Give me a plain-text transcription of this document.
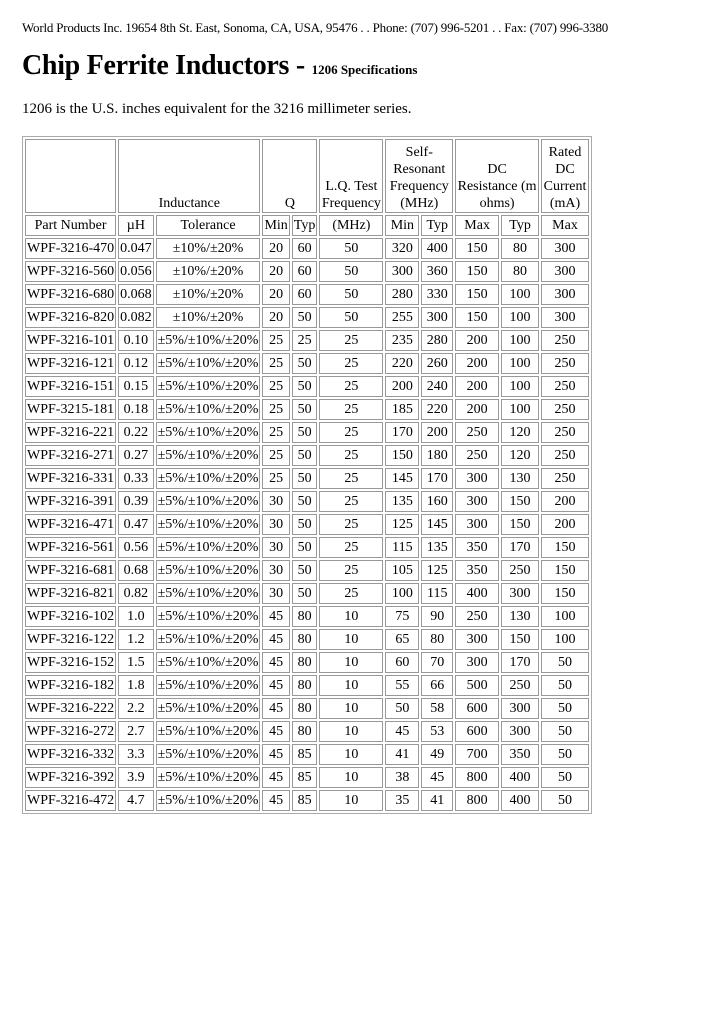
World Products Inc. 19654 8th St. East, Sonoma, CA, USA, 95476 . . Phone: (707) 996-5201 . . Fax: (707) 996-3380
Chip Ferrite Inductors - 1206 Specifications
1206 is the U.S. inches equivalent for the 3216 millimeter series.
	Inductance		Q		L.Q. Test Frequency	Self-Resonant Frequency (MHz)		DC Resistance (m ohms)		Rated DC Current (mA)
Part Number	µH	Tolerance	Min	Typ	(MHz)	Min	Typ	Max	Typ	Max
WPF-3216-470	0.047	±10%/±20%	20	60	50	320	400	150	80	300
WPF-3216-560	0.056	±10%/±20%	20	60	50	300	360	150	80	300
WPF-3216-680	0.068	±10%/±20%	20	60	50	280	330	150	100	300
WPF-3216-820	0.082	±10%/±20%	20	50	50	255	300	150	100	300
WPF-3216-101	0.10	±5%/±10%/±20%	25	25	25	235	280	200	100	250
WPF-3216-121	0.12	±5%/±10%/±20%	25	50	25	220	260	200	100	250
WPF-3216-151	0.15	±5%/±10%/±20%	25	50	25	200	240	200	100	250
WPF-3215-181	0.18	±5%/±10%/±20%	25	50	25	185	220	200	100	250
WPF-3216-221	0.22	±5%/±10%/±20%	25	50	25	170	200	250	120	250
WPF-3216-271	0.27	±5%/±10%/±20%	25	50	25	150	180	250	120	250
WPF-3216-331	0.33	±5%/±10%/±20%	25	50	25	145	170	300	130	250
WPF-3216-391	0.39	±5%/±10%/±20%	30	50	25	135	160	300	150	200
WPF-3216-471	0.47	±5%/±10%/±20%	30	50	25	125	145	300	150	200
WPF-3216-561	0.56	±5%/±10%/±20%	30	50	25	115	135	350	170	150
WPF-3216-681	0.68	±5%/±10%/±20%	30	50	25	105	125	350	250	150
WPF-3216-821	0.82	±5%/±10%/±20%	30	50	25	100	115	400	300	150
WPF-3216-102	1.0	±5%/±10%/±20%	45	80	10	75	90	250	130	100
WPF-3216-122	1.2	±5%/±10%/±20%	45	80	10	65	80	300	150	100
WPF-3216-152	1.5	±5%/±10%/±20%	45	80	10	60	70	300	170	50
WPF-3216-182	1.8	±5%/±10%/±20%	45	80	10	55	66	500	250	50
WPF-3216-222	2.2	±5%/±10%/±20%	45	80	10	50	58	600	300	50
WPF-3216-272	2.7	±5%/±10%/±20%	45	80	10	45	53	600	300	50
WPF-3216-332	3.3	±5%/±10%/±20%	45	85	10	41	49	700	350	50
WPF-3216-392	3.9	±5%/±10%/±20%	45	85	10	38	45	800	400	50
WPF-3216-472	4.7	±5%/±10%/±20%	45	85	10	35	41	800	400	50
